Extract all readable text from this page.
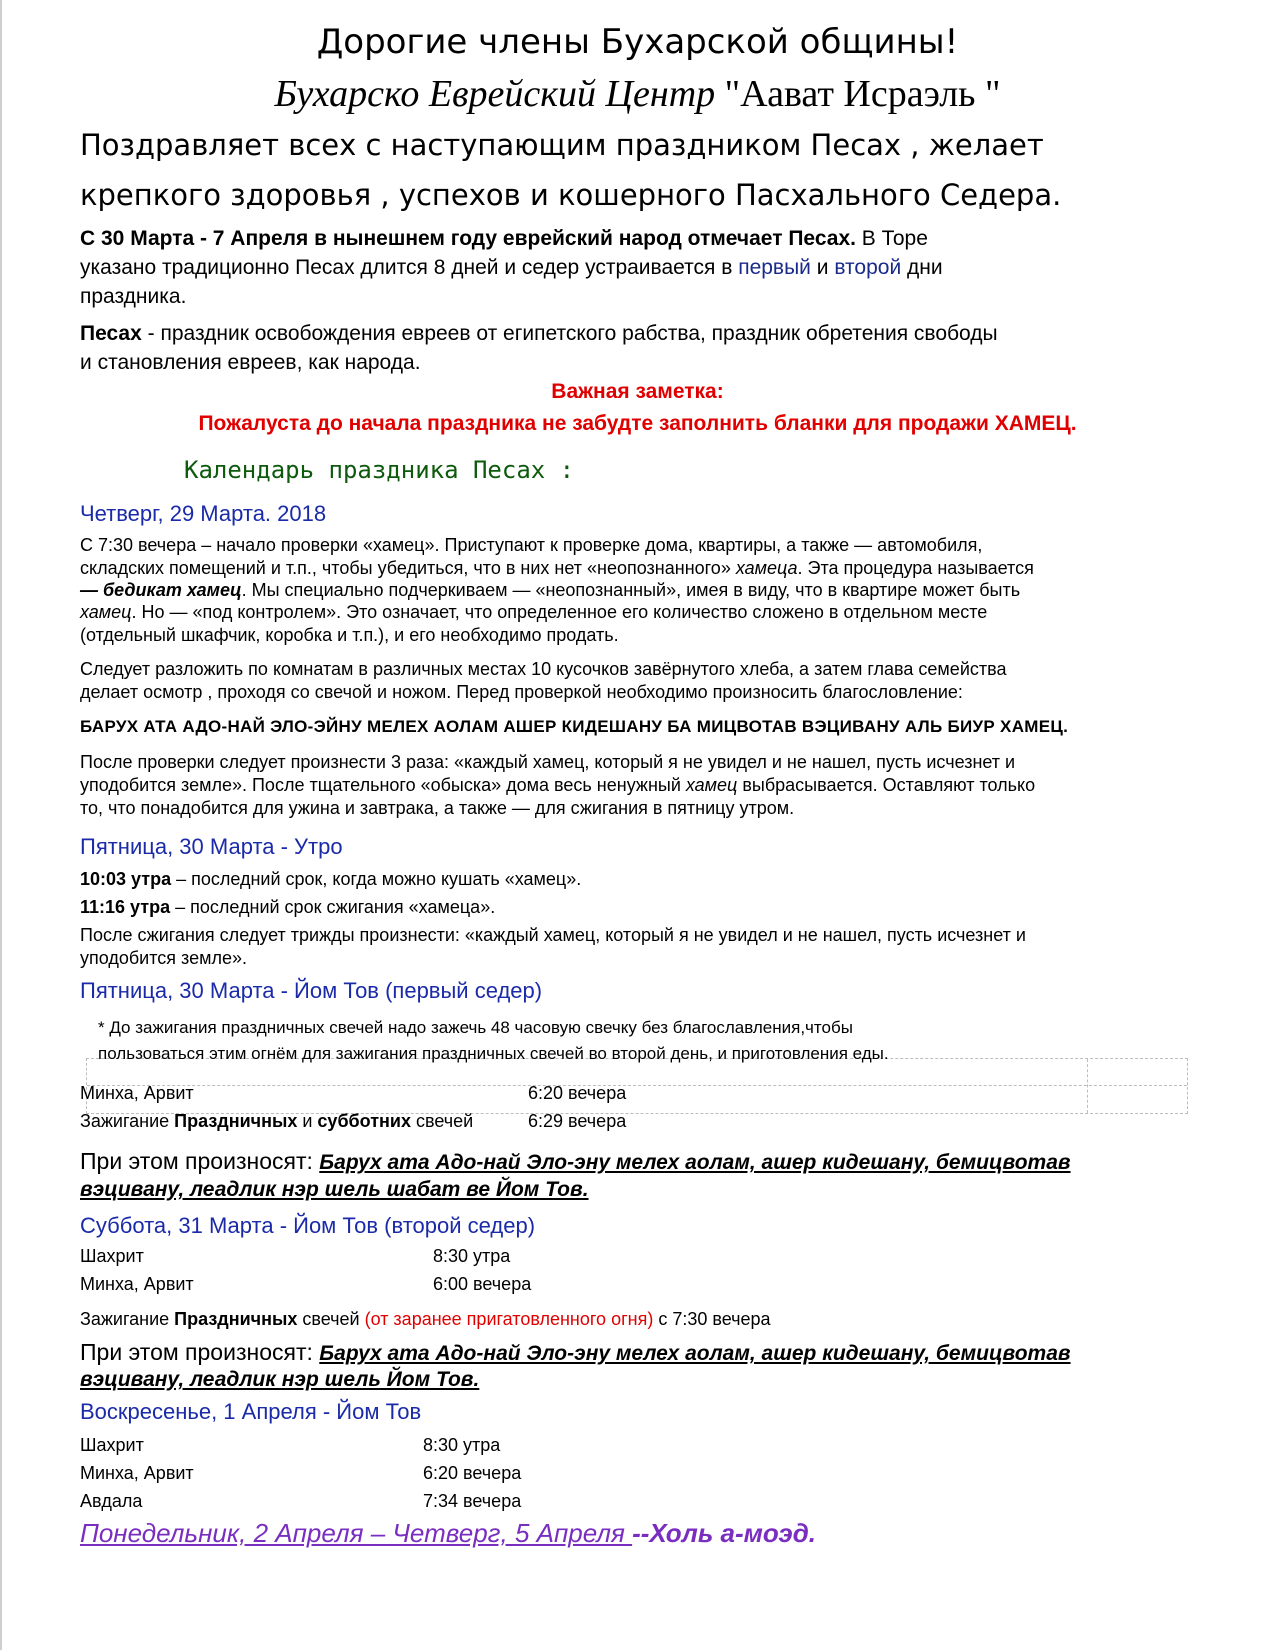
Дорогие члены Бухарской общины!
Бухарско Еврейский Центр "Аават Исраэль "
Поздравляет всех с наступающим праздником Песах , желает
крепкого здоровья , успехов и кошерного Пасхального Седера.
С 30 Марта - 7 Апреля в нынешнем году еврейский народ отмечает Песах. В Торе
указано традиционно Песах длится 8 дней и седер устраивается в первый и второй дни
праздника.
Песах - праздник освобождения евреев от египетского рабства, праздник обретения свободы
и становления евреев, как народа.
Важная заметка:
Пожалуста до начала праздника не забудте заполнить бланки для продажи ХАМЕЦ.
Календарь праздника Песах :
Четверг, 29 Марта. 2018
С 7:30 вечера – начало проверки «хамец». Приступают к проверке дома, квартиры, а также — автомобиля,
складских помещений и т.п., чтобы убедиться, что в них нет «неопознанного» хамеца. Эта процедура называется
— бедикат хамец. Мы специально подчеркиваем — «неопознанный», имея в виду, что в квартире может быть
хамец. Но — «под контролем». Это означает, что определенное его количество сложено в отдельном месте
(отдельный шкафчик, коробка и т.п.), и его необходимо продать.
Следует разложить по комнатам в различных местах 10 кусочков завёрнутого хлеба, а затем глава семейства
делает осмотр , проходя со свечой и ножом. Перед проверкой необходимо произносить благословление:
БАРУХ АТА АДО-НАЙ ЭЛО-ЭЙНУ МЕЛЕХ АОЛАМ АШЕР КИДЕШАНУ БА МИЦВОТАВ ВЭЦИВАНУ АЛЬ БИУР ХАМЕЦ.
После проверки следует произнести 3 раза: «каждый хамец, который я не увидел и не нашел, пусть исчезнет и
уподобится земле». После тщательного «обыска» дома весь ненужный хамец выбрасывается. Оставляют только
то, что понадобится для ужина и завтрака, а также — для сжигания в пятницу утром.
Пятница, 30 Марта - Утро
10:03 утра – последний срок, когда можно кушать «хамец».
11:16 утра – последний срок сжигания «хамеца».
После сжигания следует трижды произнести: «каждый хамец, который я не увидел и не нашел, пусть исчезнет и
уподобится земле».
Пятница, 30 Марта - Йом Тов (первый седер)
* До зажигания праздничных свечей надо зажечь 48 часовую свечку без благославления,чтобы
пользоваться этим огнём для зажигания праздничных свечей во второй день, и приготовления еды.
Минха, Арвит	6:20 вечера
Зажигание Праздничных и субботних свечей	6:29 вечера
При этом произносят: Барух ата Адо-най Эло-эну мелех аолам, ашер кидешану, бемицвотав
вэцивану, леадлик нэр шель шабат ве Йом Тов.
Суббота, 31 Марта - Йом Тов (второй седер)
Шахрит	8:30 утра
Минха, Арвит	6:00 вечера
Зажигание Праздничных свечей (от заранее пригатовленного огня) с 7:30 вечера
При этом произносят: Барух ата Адо-най Эло-эну мелех аолам, ашер кидешану, бемицвотав
вэцивану, леадлик нэр шель Йом Тов.
Воскресенье, 1 Апреля - Йом Тов
Шахрит	8:30 утра
Минха, Арвит	6:20 вечера
Авдала	7:34 вечера
Понедельник, 2 Апреля – Четверг, 5 Апреля --Холь а-моэд.
